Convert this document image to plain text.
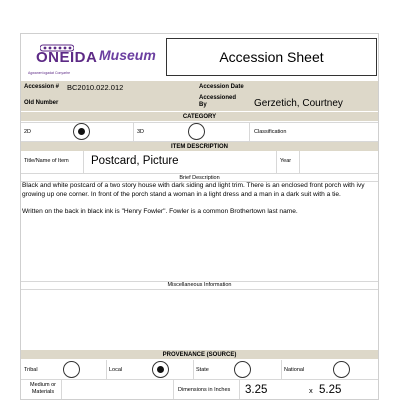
ONEIDA
Agwanen'ogadat Conyarhe
Museum	Accession Sheet
Accession # BC2010.022.012	Accession Date
Old Number
Accessioned By	Gerzetich, Courtney
CATEGORY
2D	3D	Classification
ITEM DESCRIPTION
Title/Name of Item Postcard, Picture	Year
Brief Description

Black and white postcard of a two story house with dark siding and light trim. There is an enclosed front porch with ivy growing up one corner. In front of the porch stand a woman in a light dress and a man in a dark suit with a tie.

Written on the back in black ink is "Henry Fowler". Fowler is a common Brothertown last name.

Miscellaneous Information
PROVENANCE (SOURCE)
Tribal	Local	State	National
Medium or Materials	Dimensions in Inches 3.25	x 5.25
